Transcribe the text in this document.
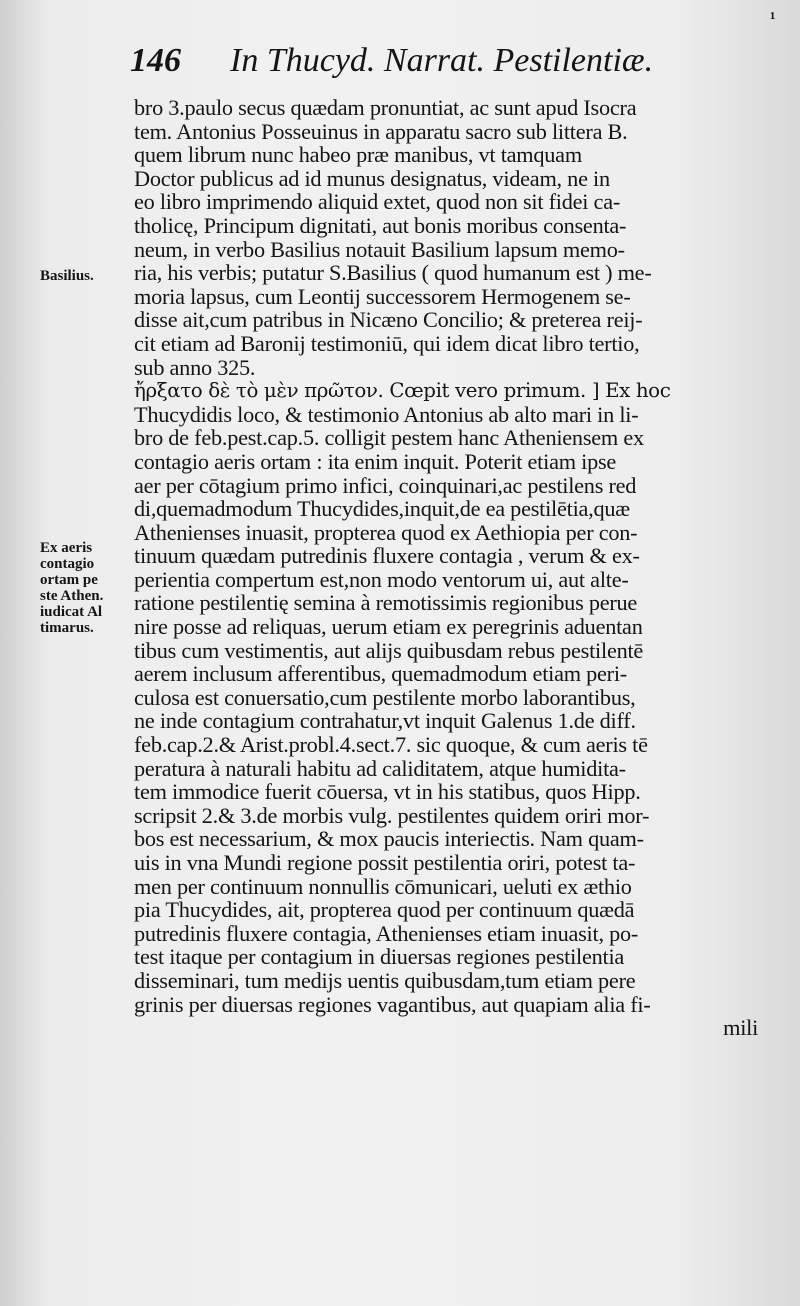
146 In Thucyd. Narrat. Pestilentiæ.
¹
bro 3.paulo secus quædam pronuntiat, ac sunt apud Isocra
tem. Antonius Posseuinus in apparatu sacro sub littera B.
quem librum nunc habeo præ manibus, vt tamquam
Doctor publicus ad id munus designatus, videam, ne in
eo libro imprimendo aliquid extet, quod non sit fidei ca-
tholicę, Principum dignitati, aut bonis moribus consenta-
neum, in verbo Basilius notauit Basilium lapsum memo-
ria, his verbis; putatur S.Basilius ( quod humanum est ) me-
moria lapsus, cum Leontij successorem Hermogenem se-
disse ait,cum patribus in Nicæno Concilio; & preterea reij-
cit etiam ad Baronij testimoniū, qui idem dicat libro tertio,
sub anno 325.
ἤρξατο δὲ τὸ μὲν πρῶτον. Cœpit vero primum. ] Ex hoc
Thucydidis loco, & testimonio Antonius ab alto mari in li-
bro de feb.pest.cap.5. colligit pestem hanc Atheniensem ex
contagio aeris ortam : ita enim inquit. Poterit etiam ipse
aer per cōtagium primo infici, coinquinari,ac pestilens red
di,quemadmodum Thucydides,inquit,de ea pestilētia,quæ
Athenienses inuasit, propterea quod ex Aethiopia per con-
tinuum quædam putredinis fluxere contagia , verum & ex-
perientia compertum est,non modo ventorum ui, aut alte-
ratione pestilentię semina à remotissimis regionibus perue
nire posse ad reliquas, uerum etiam ex peregrinis aduentan
tibus cum vestimentis, aut alijs quibusdam rebus pestilentē
aerem inclusum afferentibus, quemadmodum etiam peri-
culosa est conuersatio,cum pestilente morbo laborantibus,
ne inde contagium contrahatur,vt inquit Galenus 1.de diff.
feb.cap.2.& Arist.probl.4.sect.7. sic quoque, & cum aeris tē
peratura à naturali habitu ad caliditatem, atque humidita-
tem immodice fuerit cōuersa, vt in his statibus, quos Hipp.
scripsit 2.& 3.de morbis vulg. pestilentes quidem oriri mor-
bos est necessarium, & mox paucis interiectis. Nam quam-
uis in vna Mundi regione possit pestilentia oriri, potest ta-
men per continuum nonnullis cōmunicari, ueluti ex æthio
pia Thucydides, ait, propterea quod per continuum quædā
putredinis fluxere contagia, Athenienses etiam inuasit, po-
test itaque per contagium in diuersas regiones pestilentia
dissеminari, tum medijs uentis quibusdam,tum etiam pere
grinis per diuersas regiones vagantibus, aut quapiam alia fi-
mili
Basilius.
Ex aeris
contagio
ortam pe
ste Athen.
iudicat Al
timarus.
